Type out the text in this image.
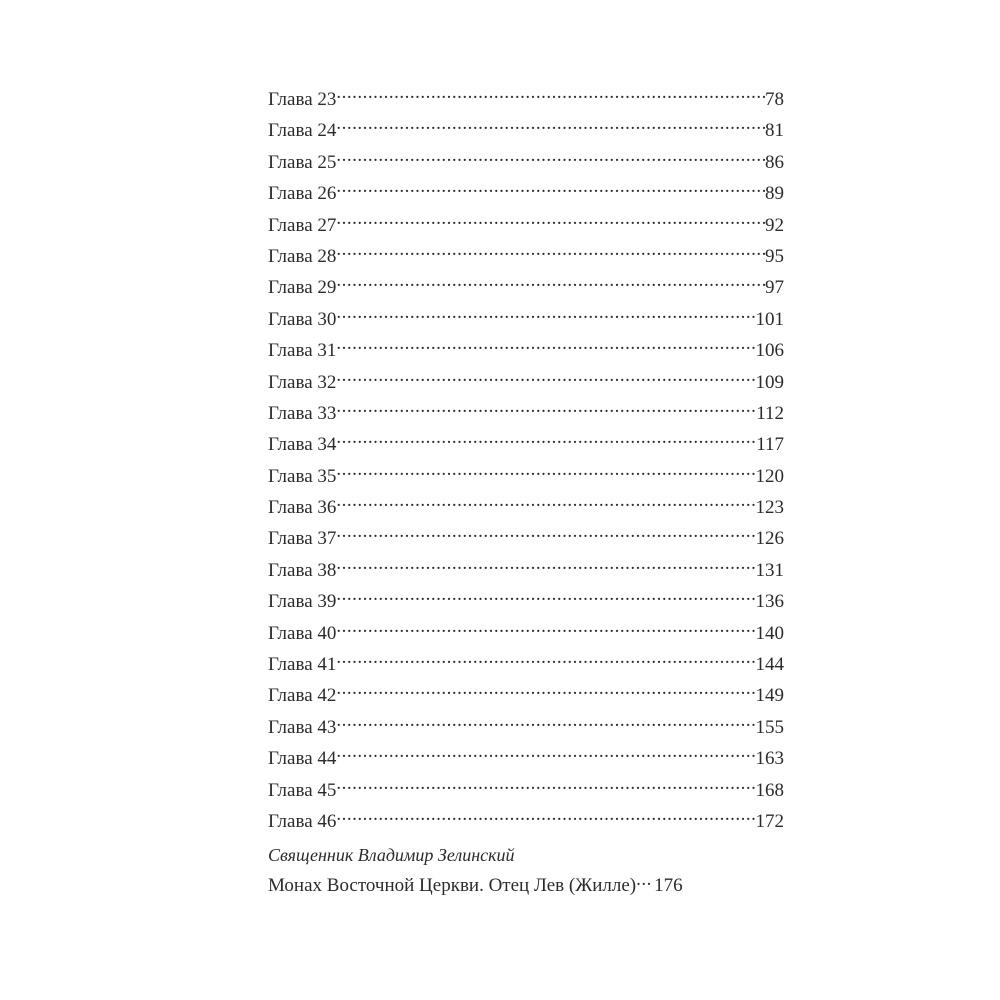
Глава 23 .....	78
Глава 24 .....	81
Глава 25 .....	86
Глава 26 .....	89
Глава 27 .....	92
Глава 28 .....	95
Глава 29 .....	97
Глава 30 .....	101
Глава 31 .....	106
Глава 32 .....	109
Глава 33 .....	112
Глава 34 .....	117
Глава 35 .....	120
Глава 36 .....	123
Глава 37 .....	126
Глава 38 .....	131
Глава 39 .....	136
Глава 40 .....	140
Глава 41 .....	144
Глава 42 .....	149
Глава 43 .....	155
Глава 44 .....	163
Глава 45 .....	168
Глава 46 .....	172
Священник Владимир Зелинский
Монах Восточной Церкви. Отец Лев (Жилле) ... 176
